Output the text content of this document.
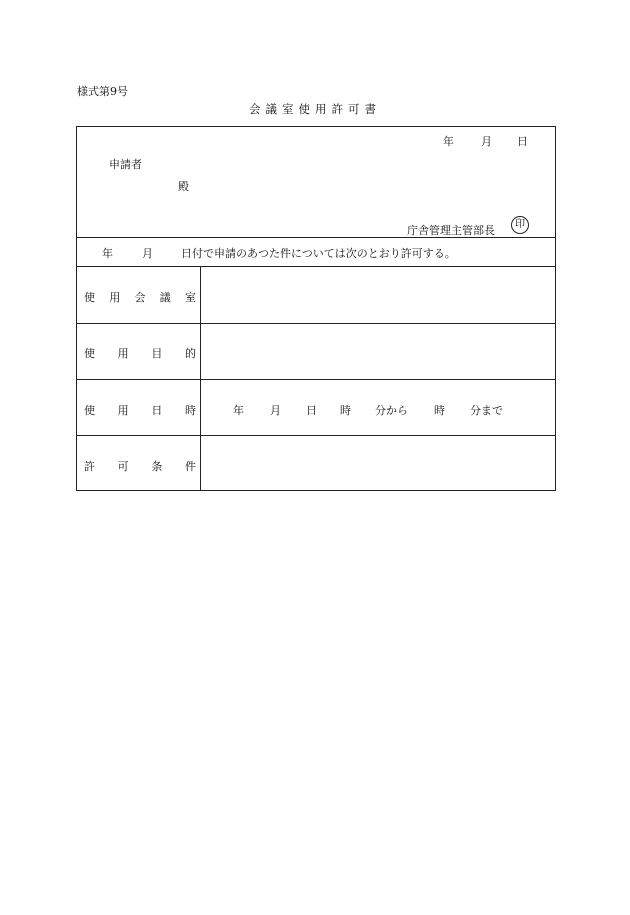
様式第9号
会議室使用許可書
年 月 日
申請者
殿
庁舎管理主管部長	印
年	月	日付で申請のあつた件については次のとおり許可する。
使 用 会 議 室
使 用 目 的
使 用 日 時	年 月 日 時 分から 時 分まで
許 可 条 件
